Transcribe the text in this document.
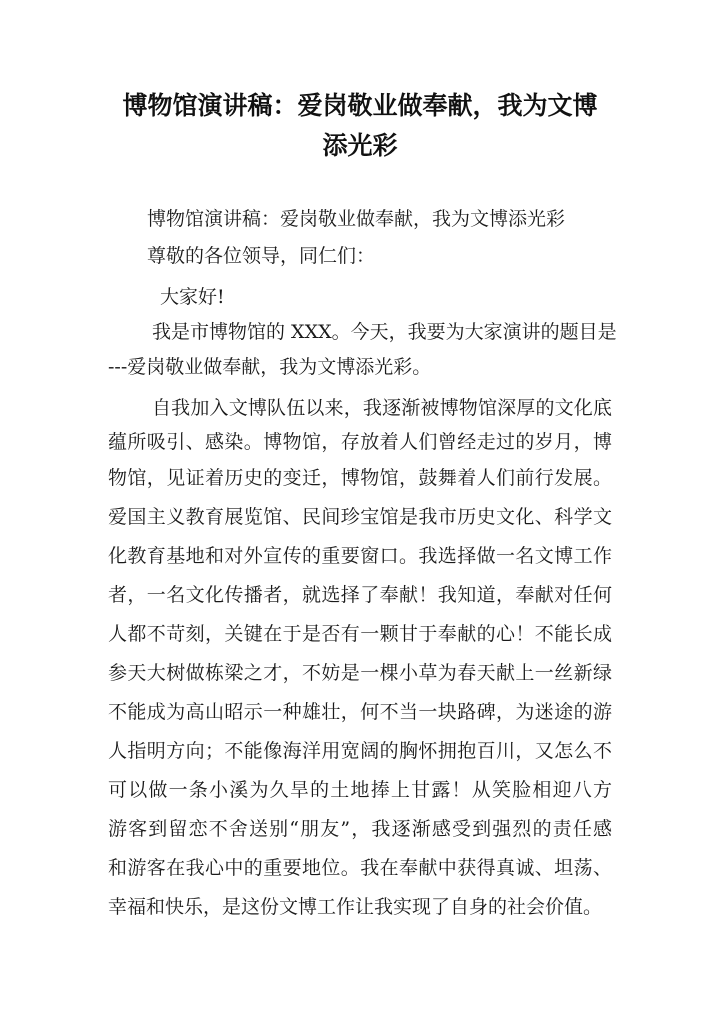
博物馆演讲稿：爱岗敬业做奉献，我为文博
添光彩
博物馆演讲稿：爱岗敬业做奉献，我为文博添光彩
尊敬的各位领导，同仁们：
大家好!
我是市博物馆的 XXX。今天，我要为大家演讲的题目是
---爱岗敬业做奉献，我为文博添光彩。
自我加入文博队伍以来，我逐渐被博物馆深厚的文化底
蕴所吸引、感染。博物馆，存放着人们曾经走过的岁月，博
物馆，见证着历史的变迁，博物馆，鼓舞着人们前行发展。
爱国主义教育展览馆、民间珍宝馆是我市历史文化、科学文
化教育基地和对外宣传的重要窗口。我选择做一名文博工作
者，一名文化传播者，就选择了奉献！我知道，奉献对任何
人都不苛刻，关键在于是否有一颗甘于奉献的心！不能长成
参天大树做栋梁之才，不妨是一棵小草为春天献上一丝新绿
不能成为高山昭示一种雄壮，何不当一块路碑，为迷途的游
人指明方向；不能像海洋用宽阔的胸怀拥抱百川，又怎么不
可以做一条小溪为久旱的土地捧上甘露！从笑脸相迎八方
游客到留恋不舍送别“朋友”，我逐渐感受到强烈的责任感
和游客在我心中的重要地位。我在奉献中获得真诚、坦荡、
幸福和快乐，是这份文博工作让我实现了自身的社会价值。
